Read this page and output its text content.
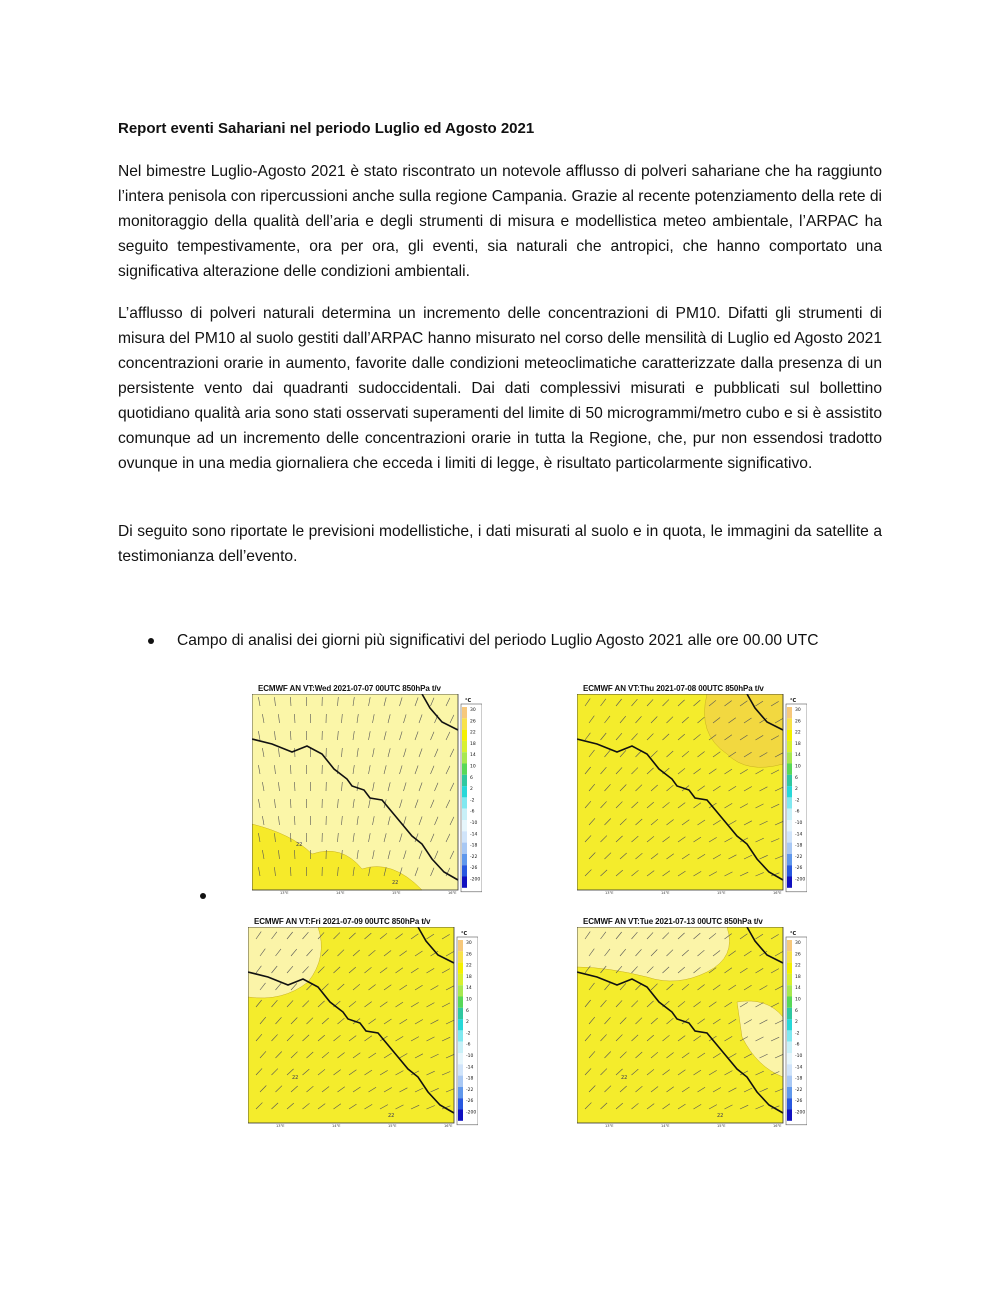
Report eventi Sahariani nel periodo Luglio ed Agosto 2021

Nel bimestre Luglio-Agosto 2021 è stato riscontrato un notevole afflusso di polveri sahariane che ha raggiunto l’intera penisola con ripercussioni anche sulla regione Campania. Grazie al recente potenziamento della rete di monitoraggio della qualità dell’aria e degli strumenti di misura e modellistica meteo ambientale, l’ARPAC ha seguito tempestivamente, ora per ora, gli eventi, sia naturali che antropici, che hanno comportato una significativa alterazione delle condizioni ambientali.

L’afflusso di polveri naturali determina un incremento delle concentrazioni di PM10. Difatti gli strumenti di misura del PM10 al suolo gestiti dall’ARPAC hanno misurato nel corso delle mensilità di Luglio ed Agosto 2021 concentrazioni orarie in aumento, favorite dalle condizioni meteoclimatiche caratterizzate dalla presenza di un persistente vento dai quadranti sudoccidentali. Dai dati complessivi misurati e pubblicati sul bollettino quotidiano qualità aria sono stati osservati superamenti del limite di 50 microgrammi/metro cubo e si è assistito comunque ad un incremento delle concentrazioni orarie in tutta la Regione, che, pur non essendosi tradotto ovunque in una media giornaliera che ecceda i limiti di legge, è risultato particolarmente significativo.

Di seguito sono riportate le previsioni modellistiche, i dati misurati al suolo e in quota, le immagini da satellite a testimonianza dell’evento.

Campo di analisi dei giorni più significativi del periodo Luglio Agosto 2021 alle ore 00.00 UTC
ECMWF AN VT:Wed 2021-07-07 00UTC 850hPa t/v
22
22
13°E	14°E	15°E	16°E
°C
30
26
22
18
14
10
6
2
-2
-6
-10
-14
-18
-22
-26
-200
ECMWF AN VT:Thu 2021-07-08 00UTC 850hPa t/v
13°E	14°E	15°E	16°E
°C
30
26
22
18
14
10
6
2
-2
-6
-10
-14
-18
-22
-26
-200
ECMWF AN VT:Fri 2021-07-09 00UTC 850hPa t/v
22
22
13°E	14°E	15°E	16°E
°C
30
26
22
18
14
10
6
2
-2
-6
-10
-14
-18
-22
-26
-200
ECMWF AN VT:Tue 2021-07-13 00UTC 850hPa t/v
22
22
13°E	14°E	15°E	16°E
°C
30
26
22
18
14
10
6
2
-2
-6
-10
-14
-18
-22
-26
-200
